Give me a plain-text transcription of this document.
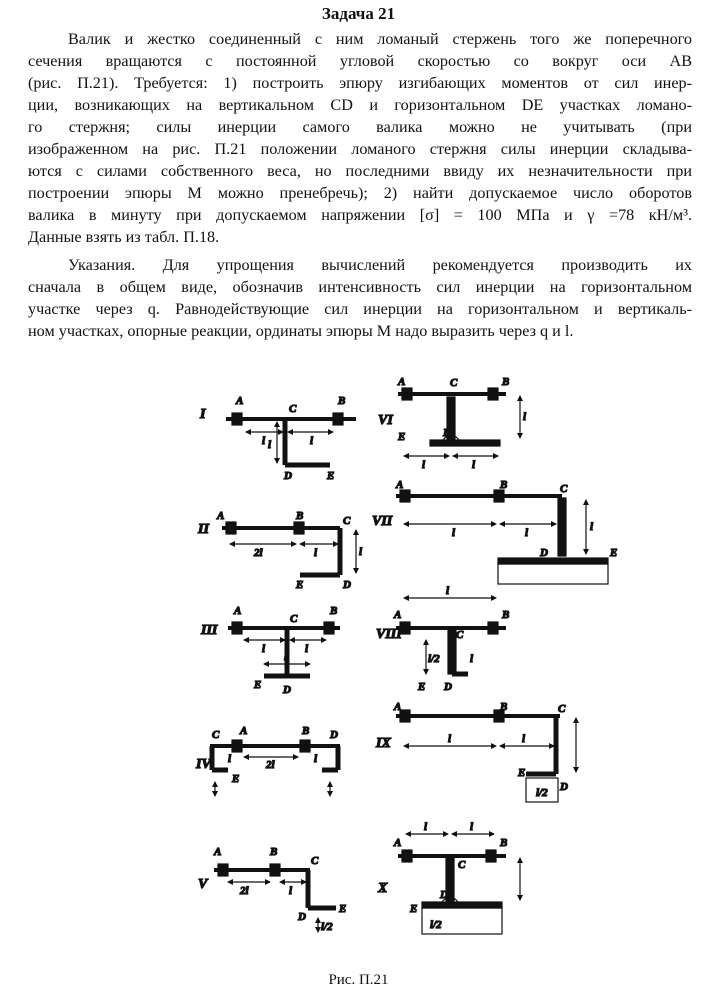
Задача 21
Валик и жестко соединенный с ним ломаный стержень того же поперечного
сечения вращаются с постоянной угловой скоростью со вокруг оси AB
(рис. П.21). Требуется: 1) построить эпюру изгибающих моментов от сил инер-
ции, возникающих на вертикальном CD и горизонтальном DE участках ломано-
го стержня; силы инерции самого валика можно не учитывать (при
изображенном на рис. П.21 положении ломаного стержня силы инерции складыва-
ются с силами собственного веса, но последними ввиду их незначительности при
построении эпюры M можно пренебречь); 2) найти допускаемое число оборотов
валика в минуту при допускаемом напряжении [σ] = 100 МПа и γ =78 кН/м³.
Данные взять из табл. П.18.
Указания. Для упрощения вычислений рекомендуется производить их
сначала в общем виде, обозначив интенсивность сил инерции на горизонтальном
участке через q. Равнодействующие сил инерции на горизонтальном и вертикаль-
ном участках, опорные реакции, ординаты эпюры M надо выразить через q и l.
I
A	B
C
D	E
l	l
l
II
A	B	C
D
E
2l	l	l
III
A	B
C
D
E
l	l
l
IV
A	B
C	D
E
2l
l	l
V
A	B
C
D
E
2l	l
l/2
VI
A	B
C
D
E
l	l
l
VII
A	B	C
D	E
l	l	l
VIII
A	B
C
D
E
l
l
l/2
IX
A	B	C
D
E
l	l
l/2
X
A	B
C
D
E
l	l
l/2
Рис. П.21
